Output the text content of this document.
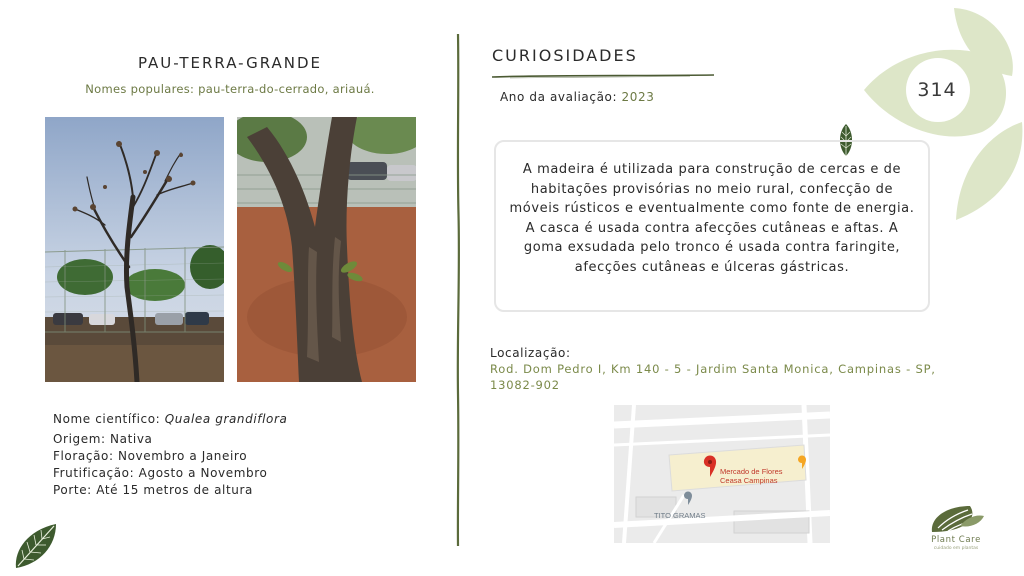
PAU-TERRA-GRANDE
Nomes populares: pau-terra-do-cerrado, ariauá.
Nome científico: Qualea grandiflora
Origem: Nativa
Floração: Novembro a Janeiro
Frutificação: Agosto a Novembro
Porte: Até 15 metros de altura
CURIOSIDADES
Ano da avaliação: 2023	314
A madeira é utilizada para construção de cercas e de habitações provisórias no meio rural, confecção de móveis rústicos e eventualmente como fonte de energia. A casca é usada contra afecções cutâneas e aftas. A goma exsudada pelo tronco é usada contra faringite, afecções cutâneas e úlceras gástricas.
Localização:
Rod. Dom Pedro I, Km 140 - 5 - Jardim Santa Monica, Campinas - SP, 13082-902
Mercado de Flores
Ceasa Campinas
TITO GRAMAS
Plant Care
cuidado em plantas
